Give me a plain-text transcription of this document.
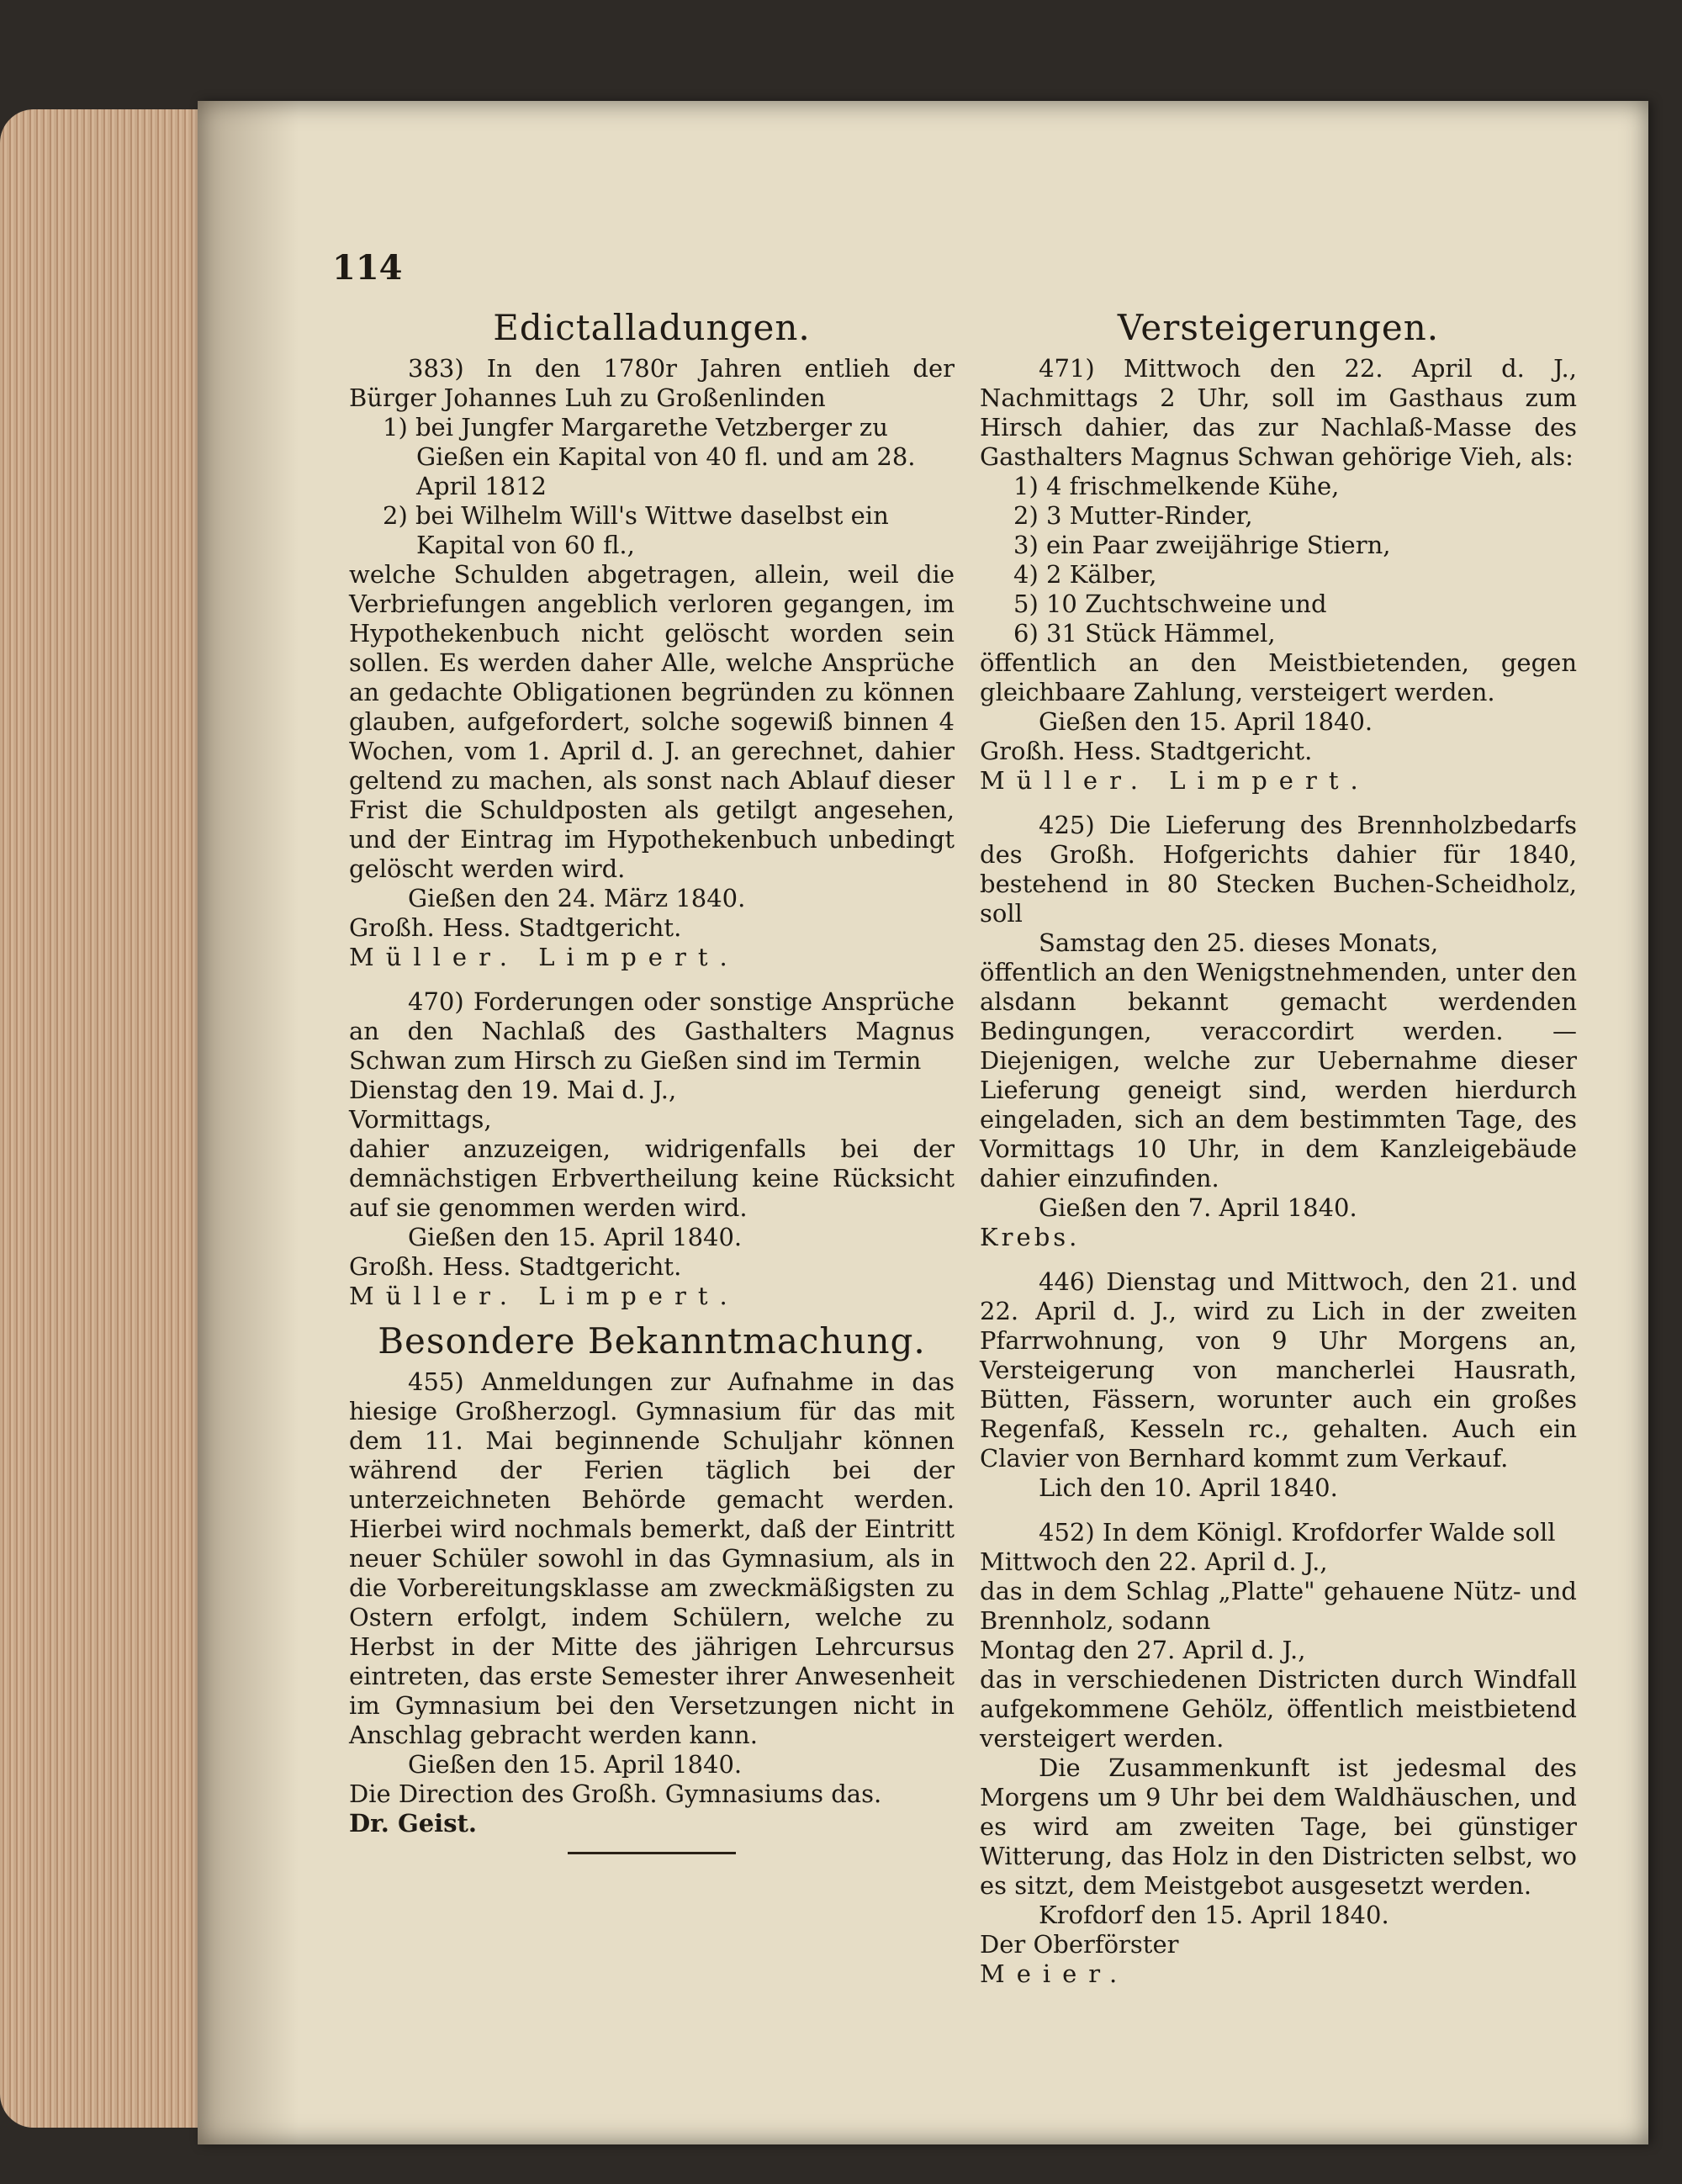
114
Edictalladungen.

383) In den 1780r Jahren entlieh der Bürger Johannes Luh zu Großenlinden

1) bei Jungfer Margarethe Vetzberger zu Gießen ein Kapital von 40 fl. und am 28. April 1812
2) bei Wilhelm Will's Wittwe daselbst ein Kapital von 60 fl.,

welche Schulden abgetragen, allein, weil die Verbriefungen angeblich verloren gegangen, im Hypothekenbuch nicht gelöscht worden sein sollen. Es werden daher Alle, welche Ansprüche an gedachte Obligationen begründen zu können glauben, aufgefordert, solche sogewiß binnen 4 Wochen, vom 1. April d. J. an gerechnet, dahier geltend zu machen, als sonst nach Ablauf dieser Frist die Schuldposten als getilgt angesehen, und der Eintrag im Hypothekenbuch unbedingt gelöscht werden wird.

Gießen den 24. März 1840.

Großh. Hess. Stadtgericht.

Müller. Limpert.

470) Forderungen oder sonstige Ansprüche an den Nachlaß des Gasthalters Magnus Schwan zum Hirsch zu Gießen sind im Termin

Dienstag den 19. Mai d. J.,

Vormittags,

dahier anzuzeigen, widrigenfalls bei der demnächstigen Erbvertheilung keine Rücksicht auf sie genommen werden wird.

Gießen den 15. April 1840.

Großh. Hess. Stadtgericht.

Müller. Limpert.

Besondere Bekanntmachung.

455) Anmeldungen zur Aufnahme in das hiesige Großherzogl. Gymnasium für das mit dem 11. Mai beginnende Schuljahr können während der Ferien täglich bei der unterzeichneten Behörde gemacht werden. Hierbei wird nochmals bemerkt, daß der Eintritt neuer Schüler sowohl in das Gymnasium, als in die Vorbereitungsklasse am zweckmäßigsten zu Ostern erfolgt, indem Schülern, welche zu Herbst in der Mitte des jährigen Lehrcursus eintreten, das erste Semester ihrer Anwesenheit im Gymnasium bei den Versetzungen nicht in Anschlag gebracht werden kann.

Gießen den 15. April 1840.

Die Direction des Großh. Gymnasiums das.

Dr. Geist.

Versteigerungen.

471) Mittwoch den 22. April d. J., Nachmittags 2 Uhr, soll im Gasthaus zum Hirsch dahier, das zur Nachlaß-Masse des Gasthalters Magnus Schwan gehörige Vieh, als:

1) 4 frischmelkende Kühe,
2) 3 Mutter-Rinder,
3) ein Paar zweijährige Stiern,
4) 2 Kälber,
5) 10 Zuchtschweine und
6) 31 Stück Hämmel,

öffentlich an den Meistbietenden, gegen gleichbaare Zahlung, versteigert werden.

Gießen den 15. April 1840.

Großh. Hess. Stadtgericht.

Müller. Limpert.

425) Die Lieferung des Brennholzbedarfs des Großh. Hofgerichts dahier für 1840, bestehend in 80 Stecken Buchen-Scheidholz, soll

Samstag den 25. dieses Monats,

öffentlich an den Wenigstnehmenden, unter den alsdann bekannt gemacht werdenden Bedingungen, veraccordirt werden. — Diejenigen, welche zur Uebernahme dieser Lieferung geneigt sind, werden hierdurch eingeladen, sich an dem bestimmten Tage, des Vormittags 10 Uhr, in dem Kanzleigebäude dahier einzufinden.

Gießen den 7. April 1840.

Krebs.

446) Dienstag und Mittwoch, den 21. und 22. April d. J., wird zu Lich in der zweiten Pfarrwohnung, von 9 Uhr Morgens an, Versteigerung von mancherlei Hausrath, Bütten, Fässern, worunter auch ein großes Regenfaß, Kesseln rc., gehalten. Auch ein Clavier von Bernhard kommt zum Verkauf.

Lich den 10. April 1840.

452) In dem Königl. Krofdorfer Walde soll

Mittwoch den 22. April d. J.,

das in dem Schlag „Platte" gehauene Nütz- und Brennholz, sodann

Montag den 27. April d. J.,

das in verschiedenen Districten durch Windfall aufgekommene Gehölz, öffentlich meistbietend versteigert werden.

Die Zusammenkunft ist jedesmal des Morgens um 9 Uhr bei dem Waldhäuschen, und es wird am zweiten Tage, bei günstiger Witterung, das Holz in den Districten selbst, wo es sitzt, dem Meistgebot ausgesetzt werden.

Krofdorf den 15. April 1840.

Der Oberförster

Meier.
